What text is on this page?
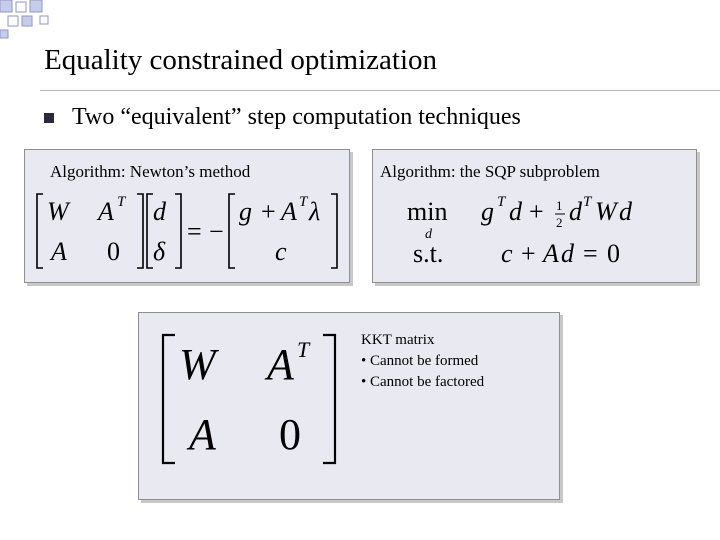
Equality constrained optimization
Two “equivalent” step computation techniques
Algorithm: Newton’s method
W A T
A 0
d
δ
= −
g + A T λ
c
Algorithm: the SQP subproblem
min
d
g T d + 1
2 d T W d
s.t. c + A d = 0
W A T
A 0
KKT matrix
• Cannot be formed
• Cannot be factored
